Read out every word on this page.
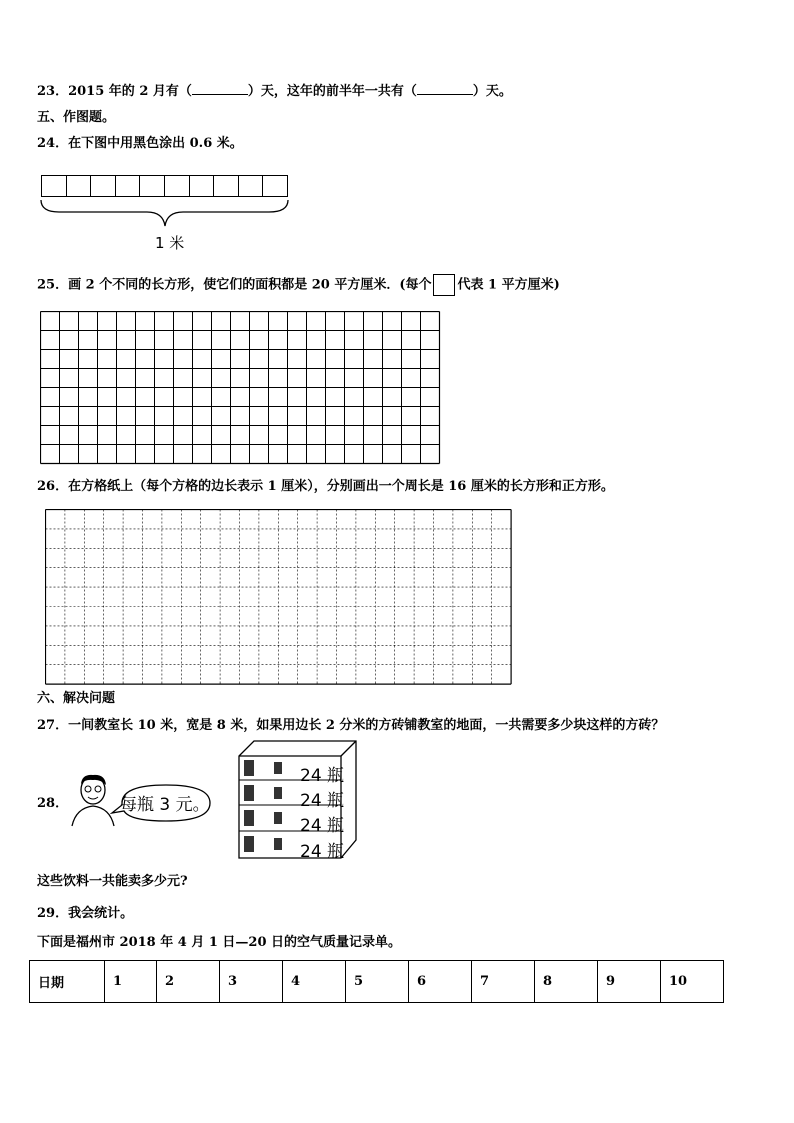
23．2015 年的 2 月有（	）天，这年的前半年一共有（	）天。
五、作图题。
24．在下图中用黑色涂出 0.6 米。
1 米
25．画 2 个不同的长方形，使它们的面积都是 20 平方厘米．(每个 代表 1 平方厘米)
26．在方格纸上（每个方格的边长表示 1 厘米），分别画出一个周长是 16 厘米的长方形和正方形。
六、解决问题
27．一间教室长 10 米，宽是 8 米，如果用边长 2 分米的方砖铺教室的地面，一共需要多少块这样的方砖？
28．	每瓶 3 元。
24 瓶
24 瓶
24 瓶
24 瓶
这些饮料一共能卖多少元?
29．我会统计。
下面是福州市 2018 年 4 月 1 日—20 日的空气质量记录单。
日期	1	2	3	4	5	6	7	8	9	10
